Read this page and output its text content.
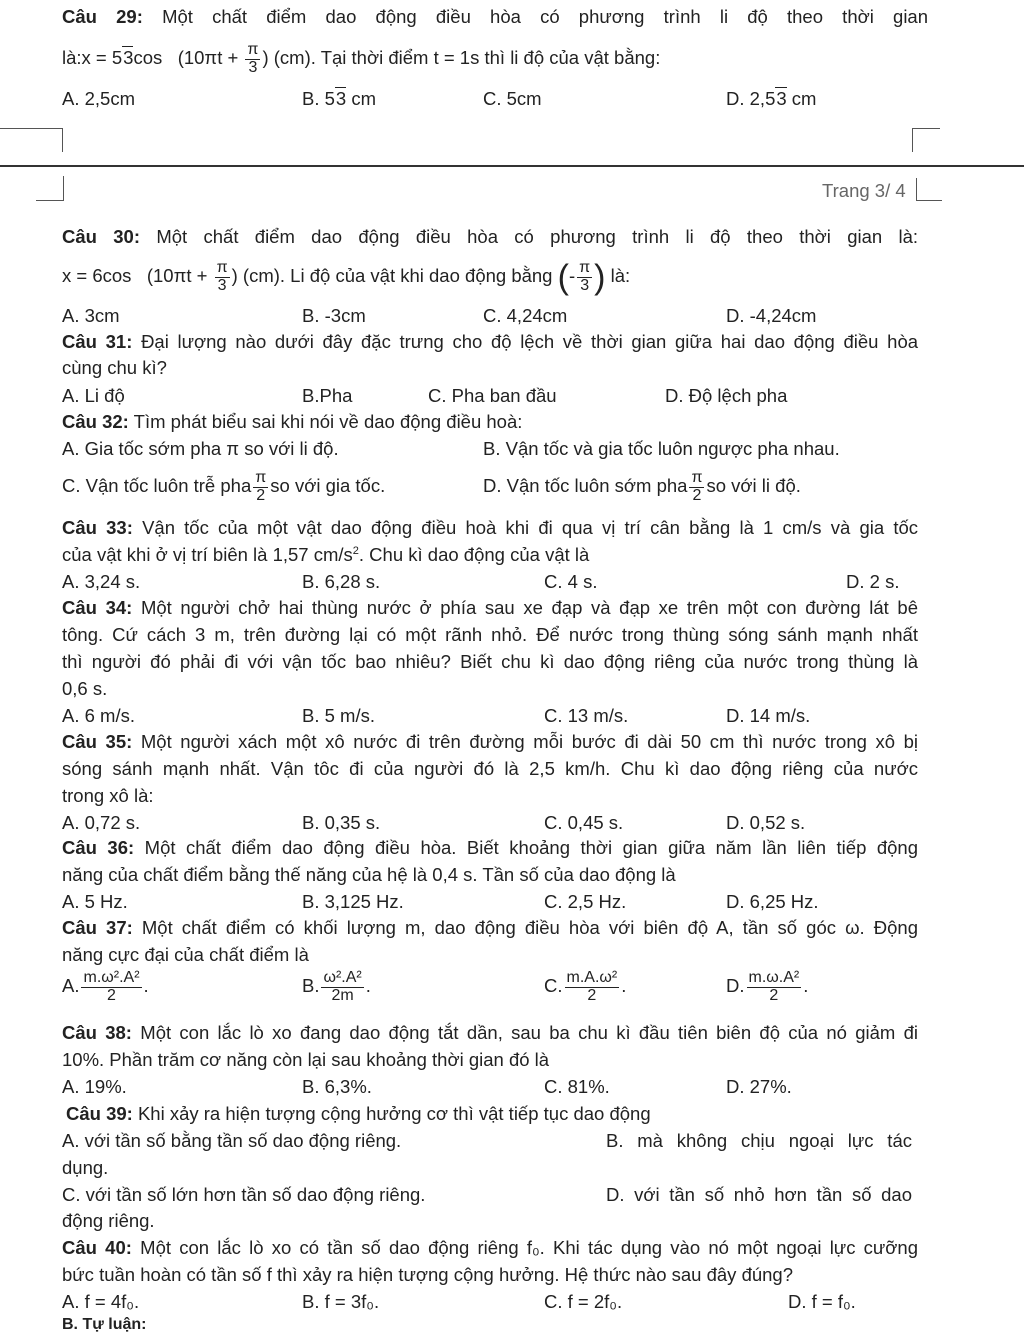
Câu 29: Một chất điểm dao động điều hòa có phương trình li độ theo thời gian
là:x = 53cos ($10\pi t + \frac{\pi}{3}$ ) (cm). Tại thời điểm t = 1s thì li độ của vật bằng:
A. 2,5cm	B. 53 cm	C. 5cm	D. 2,53 cm
Trang 3/ 4
Câu 30: Một chất điểm dao động điều hòa có phương trình li độ theo thời gian là:
x = 6cos ($10\pi t + \frac{\pi}{3}$ ) (cm). Li độ của vật khi dao động bằng (- $\frac{\pi}{3}$ ) là:
A. 3cm	B. -3cm	C. 4,24cm	D. -4,24cm
Câu 31: Đại lượng nào dưới đây đặc trưng cho độ lệch về thời gian giữa hai dao động điều hòa
cùng chu kì?
A. Li độ	B.Pha	C. Pha ban đầu	D. Độ lệch pha
Câu 32: Tìm phát biểu sai khi nói về dao động điều hoà:
A. Gia tốc sớm pha π so với li độ.	B. Vận tốc và gia tốc luôn ngược pha nhau.
C. Vận tốc luôn trễ pha $\frac{\pi}{2}$ so với gia tốc.	D. Vận tốc luôn sớm pha $\frac{\pi}{2}$ so với li độ.
Câu 33: Vận tốc của một vật dao động điều hoà khi đi qua vị trí cân bằng là 1 cm/s và gia tốc
của vật khi ở vị trí biên là 1,57 $cm/s^2$. Chu kì dao động của vật là
A. 3,24 s.	B. 6,28 s.	C. 4 s.	D. 2 s.
Câu 34: Một người chở hai thùng nước ở phía sau xe đạp và đạp xe trên một con đường lát bê
tông. Cứ cách 3 m, trên đường lại có một rãnh nhỏ. Để nước trong thùng sóng sánh mạnh nhất
thì người đó phải đi với vận tốc bao nhiêu? Biết chu kì dao động riêng của nước trong thùng là
0,6 s.
A. 6 m/s.	B. 5 m/s.	C. 13 m/s.	D. 14 m/s.
Câu 35: Một người xách một xô nước đi trên đường mỗi bước đi dài 50 cm thì nước trong xô bị
sóng sánh mạnh nhất. Vận tôc đi của người đó là 2,5 km/h. Chu kì dao động riêng của nước
trong xô là:
A. 0,72 s.	B. 0,35 s.	C. 0,45 s.	D. 0,52 s.
Câu 36: Một chất điểm dao động điều hòa. Biết khoảng thời gian giữa năm lần liên tiếp động
năng của chất điểm bằng thế năng của hệ là 0,4 s. Tần số của dao động là
A. 5 Hz.	B. 3,125 Hz.	C. 2,5 Hz.	D. 6,25 Hz.
Câu 37: Một chất điểm có khối lượng m, dao động điều hòa với biên độ A, tần số góc ω. Động
năng cực đại của chất điểm là
A. $\frac{\text{m.ω².A²}}{2}$ .	B. $\frac{\text{ω².A²}}{2m}$ .	C. $\frac{\text{m.A.ω²}}{2}$ .	D. $\frac{\text{m.ω.A²}}{2}$ .
Câu 38: Một con lắc lò xo đang dao động tắt dần, sau ba chu kì đầu tiên biên độ của nó giảm đi
10%. Phần trăm cơ năng còn lại sau khoảng thời gian đó là
A. 19%.	B. 6,3%.	C. 81%.	D. 27%.
Câu 39: Khi xảy ra hiện tượng cộng hưởng cơ thì vật tiếp tục dao động
A. với tần số bằng tần số dao động riêng.	B. mà không chịu ngoại lực tác
dụng.
C. với tần số lớn hơn tần số dao động riêng.	D. với tần số nhỏ hơn tần số dao
động riêng.
Câu 40: Một con lắc lò xo có tần số dao động riêng f₀. Khi tác dụng vào nó một ngoại lực cưỡng
bức tuần hoàn có tần số f thì xảy ra hiện tượng cộng hưởng. Hệ thức nào sau đây đúng?
A. f = 4f₀.	B. f = 3f₀.	C. f = 2f₀.	D. f = f₀.
B. Tự luận:
